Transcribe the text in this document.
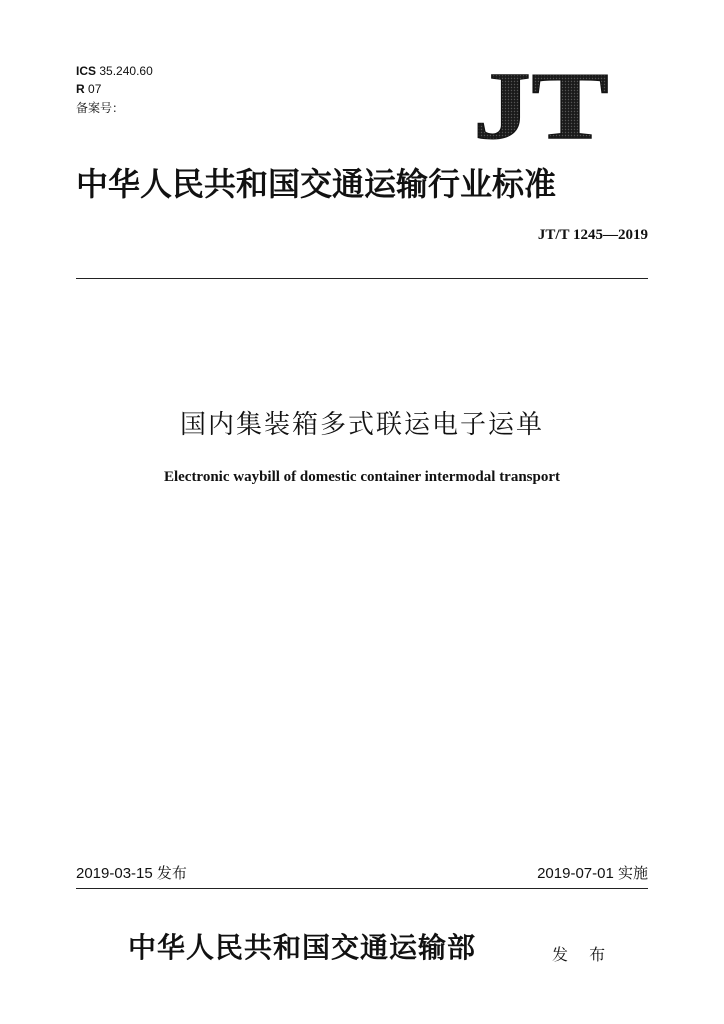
ICS 35.240.60
R 07
备案号：	JT
中华人民共和国交通运输行业标准
JT/T 1245—2019
国内集装箱多式联运电子运单
Electronic waybill of domestic container intermodal transport
2019-03-15 发布	2019-07-01 实施
中华人民共和国交通运输部	发 布
